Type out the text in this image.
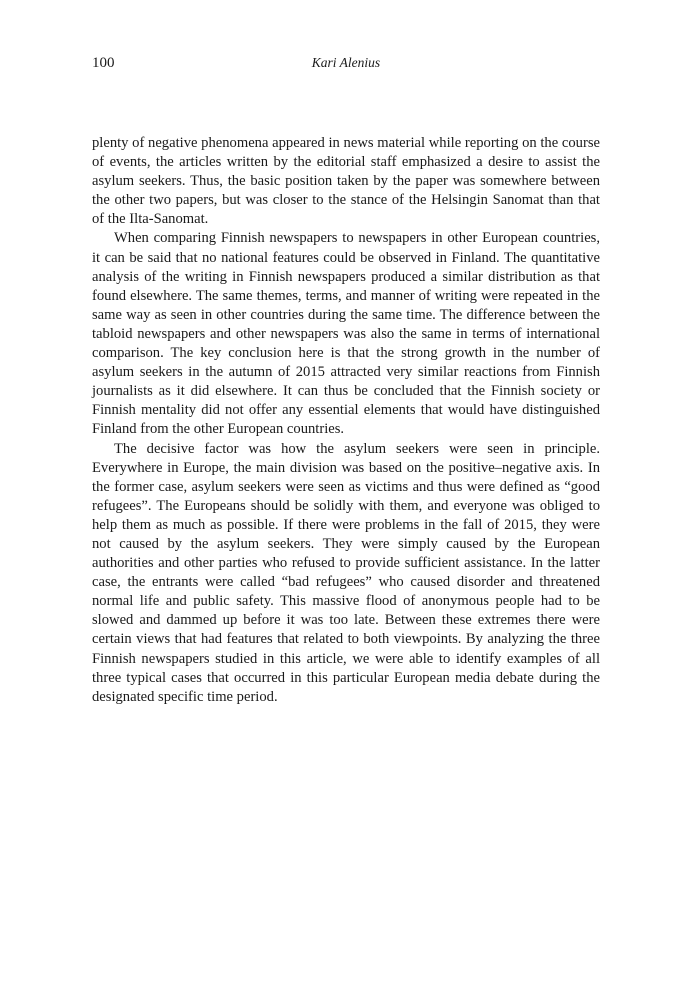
100	Kari Alenius

plenty of negative phenomena appeared in news material while reporting on the course of events, the articles written by the editorial staff emphasized a desire to assist the asylum seekers. Thus, the basic position taken by the paper was somewhere between the other two papers, but was closer to the stance of the Helsingin Sanomat than that of the Ilta-Sanomat.

When comparing Finnish newspapers to newspapers in other European countries, it can be said that no national features could be observed in Finland. The quantitative analysis of the writing in Finnish newspapers produced a similar distribution as that found elsewhere. The same themes, terms, and manner of writing were repeated in the same way as seen in other countries during the same time. The difference between the tabloid newspapers and other newspapers was also the same in terms of international comparison. The key conclusion here is that the strong growth in the number of asylum seekers in the autumn of 2015 attracted very similar reactions from Finnish journalists as it did elsewhere. It can thus be concluded that the Finnish society or Finnish mentality did not offer any essential elements that would have distinguished Finland from the other European countries.

The decisive factor was how the asylum seekers were seen in principle. Everywhere in Europe, the main division was based on the positive–negative axis. In the former case, asylum seekers were seen as victims and thus were defined as “good refugees”. The Europeans should be solidly with them, and everyone was obliged to help them as much as possible. If there were problems in the fall of 2015, they were not caused by the asylum seekers. They were simply caused by the European authorities and other parties who refused to provide sufficient assistance. In the latter case, the entrants were called “bad refugees” who caused disorder and threatened normal life and public safety. This massive flood of anonymous people had to be slowed and dammed up before it was too late. Between these extremes there were certain views that had features that related to both viewpoints. By analyzing the three Finnish newspapers studied in this article, we were able to identify examples of all three typical cases that occurred in this particular European media debate during the designated specific time period.
